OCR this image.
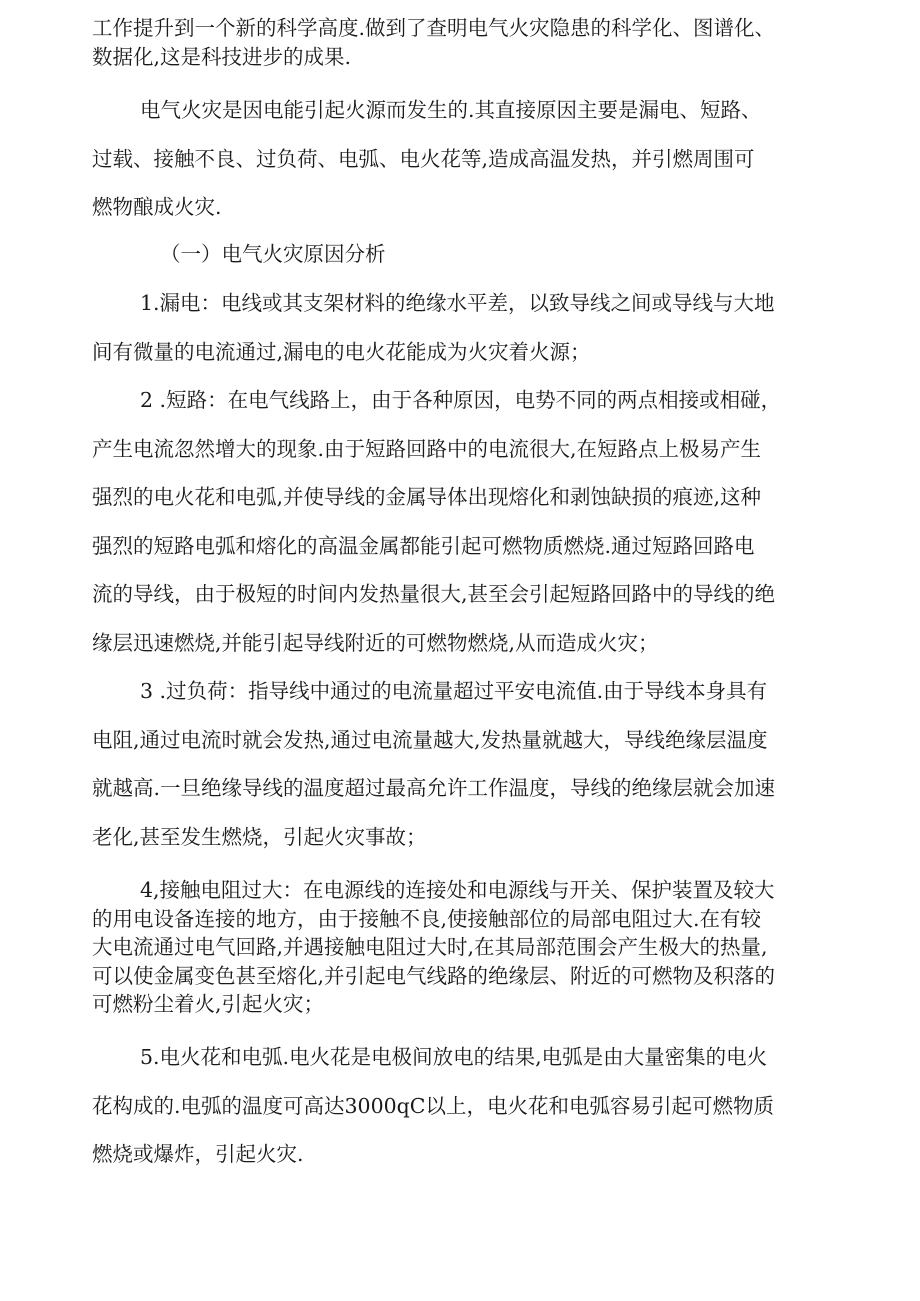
工作提升到一个新的科学高度.做到了查明电气火灾隐患的科学化、图谱化、
数据化,这是科技进步的成果.
电气火灾是因电能引起火源而发生的.其直接原因主要是漏电、短路、
过载、接触不良、过负荷、电弧、电火花等,造成高温发热，并引燃周围可
燃物酿成火灾.
（一）电气火灾原因分析
1.漏电：电线或其支架材料的绝缘水平差，以致导线之间或导线与大地
间有微量的电流通过,漏电的电火花能成为火灾着火源；
2 .短路：在电气线路上，由于各种原因，电势不同的两点相接或相碰，
产生电流忽然增大的现象.由于短路回路中的电流很大,在短路点上极易产生
强烈的电火花和电弧,并使导线的金属导体出现熔化和剥蚀缺损的痕迹,这种
强烈的短路电弧和熔化的高温金属都能引起可燃物质燃烧.通过短路回路电
流的导线，由于极短的时间内发热量很大,甚至会引起短路回路中的导线的绝
缘层迅速燃烧,并能引起导线附近的可燃物燃烧,从而造成火灾；
3 .过负荷：指导线中通过的电流量超过平安电流值.由于导线本身具有
电阻,通过电流时就会发热,通过电流量越大,发热量就越大，导线绝缘层温度
就越高.一旦绝缘导线的温度超过最高允许工作温度，导线的绝缘层就会加速
老化,甚至发生燃烧，引起火灾事故；
4,接触电阻过大：在电源线的连接处和电源线与开关、保护装置及较大
的用电设备连接的地方，由于接触不良,使接触部位的局部电阻过大.在有较
大电流通过电气回路,并遇接触电阻过大时,在其局部范围会产生极大的热量,
可以使金属变色甚至熔化,并引起电气线路的绝缘层、附近的可燃物及积落的
可燃粉尘着火,引起火灾；
5.电火花和电弧.电火花是电极间放电的结果,电弧是由大量密集的电火
花构成的.电弧的温度可高达3000qC以上，电火花和电弧容易引起可燃物质
燃烧或爆炸，引起火灾.
